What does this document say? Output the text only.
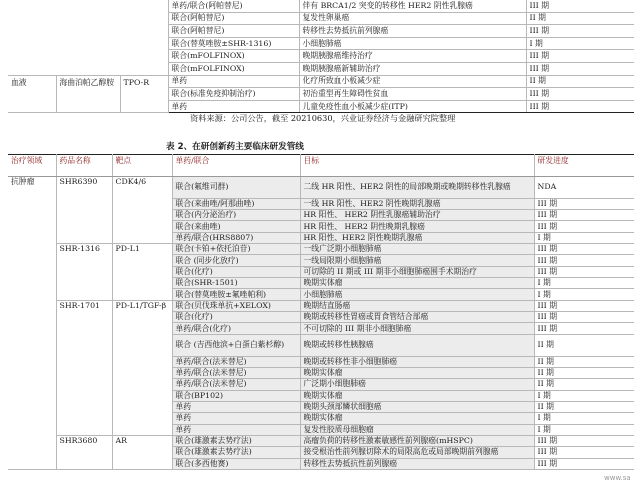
			单药/联合(阿帕替尼)	伴有 BRCA1/2 突变的转移性 HER2 阴性乳腺癌	III 期
			联合(阿帕替尼)	复发性卵巢癌	II 期
			联合(阿帕替尼)	转移性去势抵抗前列腺癌	III 期
			联合(替莫唑胺±SHR-1316)	小细胞肺癌	I 期
			联合(mFOLFINOX)	晚期胰腺癌维持治疗	III 期
			联合(mFOLFINOX)	晚期胰腺癌新辅助治疗	III 期
血液	海曲泊帕乙醇胺	TPO-R	单药	化疗所致血小板减少症	II 期
			联合(标准免疫抑制治疗)	初治重型再生障碍性贫血	III 期
			单药	儿童免疫性血小板减少症(ITP)	III 期
资料来源：公司公告，截至 20210630，兴业证券经济与金融研究院整理
表 2、在研创新药主要临床研发管线
治疗领域	药品名称	靶点	单药/联合	目标	研发进度
抗肿瘤	SHR6390	CDK4/6	联合(氟维司群)	二线 HR 阳性、HER2 阴性的局部晚期或晚期转移性乳腺癌	NDA
			联合(来曲唑/阿那曲唑)	一线 HR 阳性、HER2 阴性晚期乳腺癌	III 期
			联合(内分泌治疗)	HR 阳性、 HER2 阴性乳腺癌辅助治疗	III 期
			联合(来曲唑)	HR 阳性、 HER2 阴性晚期乳腺癌	III 期
			单药/联合(HRS8807)	HR 阳性、HER2 阴性晚期乳腺癌	I 期
	SHR-1316	PD-L1	联合(卡铂+依托泊苷)	一线广泛期小细胞肺癌	III 期
			联合 (同步化放疗)	一线局限期小细胞肺癌	III 期
			联合(化疗)	可切除的 II 期或 III 期非小细胞肺癌围手术期治疗	III 期
			联合(SHR-1501)	晚期实体瘤	I 期
			联合(替莫唑胺±氟唑帕利)	小细胞肺癌	I 期
	SHR-1701	PD-L1/TGF-β	联合(贝伐珠单抗+XELOX)	晚期结直肠癌	III 期
			联合(化疗)	晚期或转移性胃癌或胃食管结合部癌	III 期
			单药/联合(化疗)	不可切除的 III 期非小细胞肺癌	III 期
			联合 (吉西他滨+白蛋白紫杉醇)	晚期或转移性胰腺癌	II 期
			单药/联合(法米替尼)	晚期或转移性非小细胞肺癌	II 期
			单药/联合(法米替尼)	晚期实体瘤	II 期
			单药/联合(法米替尼)	广泛期小细胞肺癌	II 期
			联合(BP102)	晚期实体瘤	I 期
			单药	晚期头颈部鳞状细胞癌	II 期
			单药	晚期实体瘤	I 期
			单药	复发性胶质母细胞瘤	I 期
	SHR3680	AR	联合(雄激素去势疗法)	高瘤负荷的转移性激素敏感性前列腺癌(mHSPC)	III 期
			联合(雄激素去势疗法)	接受根治性前列腺切除术的局限高危或局部晚期前列腺癌	III 期
			联合(多西他赛)	转移性去势抵抗性前列腺癌	III 期
www.sa
